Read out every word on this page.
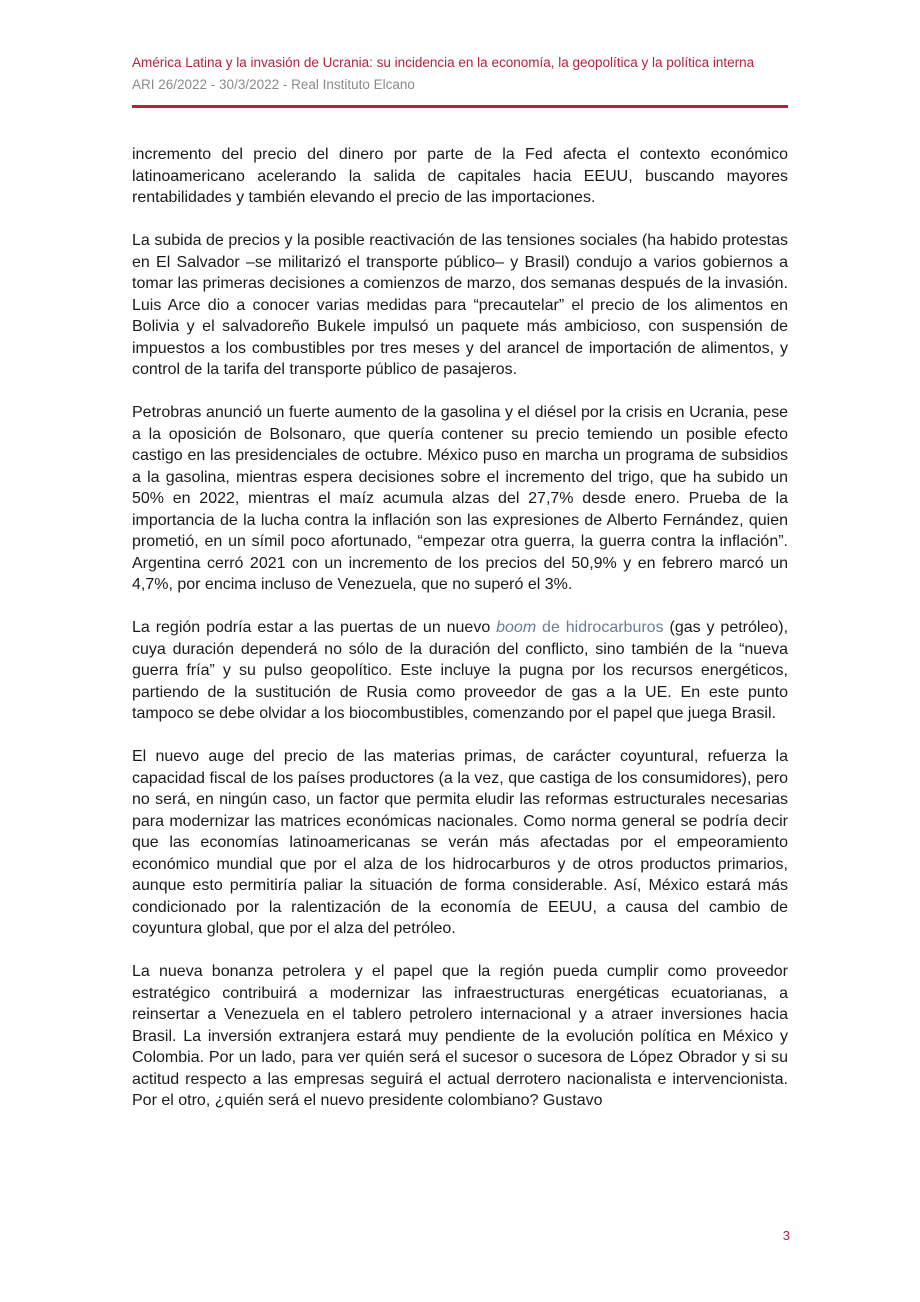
América Latina y la invasión de Ucrania: su incidencia en la economía, la geopolítica y la política interna
ARI 26/2022 - 30/3/2022 - Real Instituto Elcano

incremento del precio del dinero por parte de la Fed afecta el contexto económico latinoamericano acelerando la salida de capitales hacia EEUU, buscando mayores rentabilidades y también elevando el precio de las importaciones.

La subida de precios y la posible reactivación de las tensiones sociales (ha habido protestas en El Salvador –se militarizó el transporte público– y Brasil) condujo a varios gobiernos a tomar las primeras decisiones a comienzos de marzo, dos semanas después de la invasión. Luis Arce dio a conocer varias medidas para “precautelar” el precio de los alimentos en Bolivia y el salvadoreño Bukele impulsó un paquete más ambicioso, con suspensión de impuestos a los combustibles por tres meses y del arancel de importación de alimentos, y control de la tarifa del transporte público de pasajeros.

Petrobras anunció un fuerte aumento de la gasolina y el diésel por la crisis en Ucrania, pese a la oposición de Bolsonaro, que quería contener su precio temiendo un posible efecto castigo en las presidenciales de octubre. México puso en marcha un programa de subsidios a la gasolina, mientras espera decisiones sobre el incremento del trigo, que ha subido un 50% en 2022, mientras el maíz acumula alzas del 27,7% desde enero. Prueba de la importancia de la lucha contra la inflación son las expresiones de Alberto Fernández, quien prometió, en un símil poco afortunado, “empezar otra guerra, la guerra contra la inflación”. Argentina cerró 2021 con un incremento de los precios del 50,9% y en febrero marcó un 4,7%, por encima incluso de Venezuela, que no superó el 3%.

La región podría estar a las puertas de un nuevo boom de hidrocarburos (gas y petróleo), cuya duración dependerá no sólo de la duración del conflicto, sino también de la “nueva guerra fría” y su pulso geopolítico. Este incluye la pugna por los recursos energéticos, partiendo de la sustitución de Rusia como proveedor de gas a la UE. En este punto tampoco se debe olvidar a los biocombustibles, comenzando por el papel que juega Brasil.

El nuevo auge del precio de las materias primas, de carácter coyuntural, refuerza la capacidad fiscal de los países productores (a la vez, que castiga de los consumidores), pero no será, en ningún caso, un factor que permita eludir las reformas estructurales necesarias para modernizar las matrices económicas nacionales. Como norma general se podría decir que las economías latinoamericanas se verán más afectadas por el empeoramiento económico mundial que por el alza de los hidrocarburos y de otros productos primarios, aunque esto permitiría paliar la situación de forma considerable. Así, México estará más condicionado por la ralentización de la economía de EEUU, a causa del cambio de coyuntura global, que por el alza del petróleo.

La nueva bonanza petrolera y el papel que la región pueda cumplir como proveedor estratégico contribuirá a modernizar las infraestructuras energéticas ecuatorianas, a reinsertar a Venezuela en el tablero petrolero internacional y a atraer inversiones hacia Brasil. La inversión extranjera estará muy pendiente de la evolución política en México y Colombia. Por un lado, para ver quién será el sucesor o sucesora de López Obrador y si su actitud respecto a las empresas seguirá el actual derrotero nacionalista e intervencionista. Por el otro, ¿quién será el nuevo presidente colombiano? Gustavo

3
